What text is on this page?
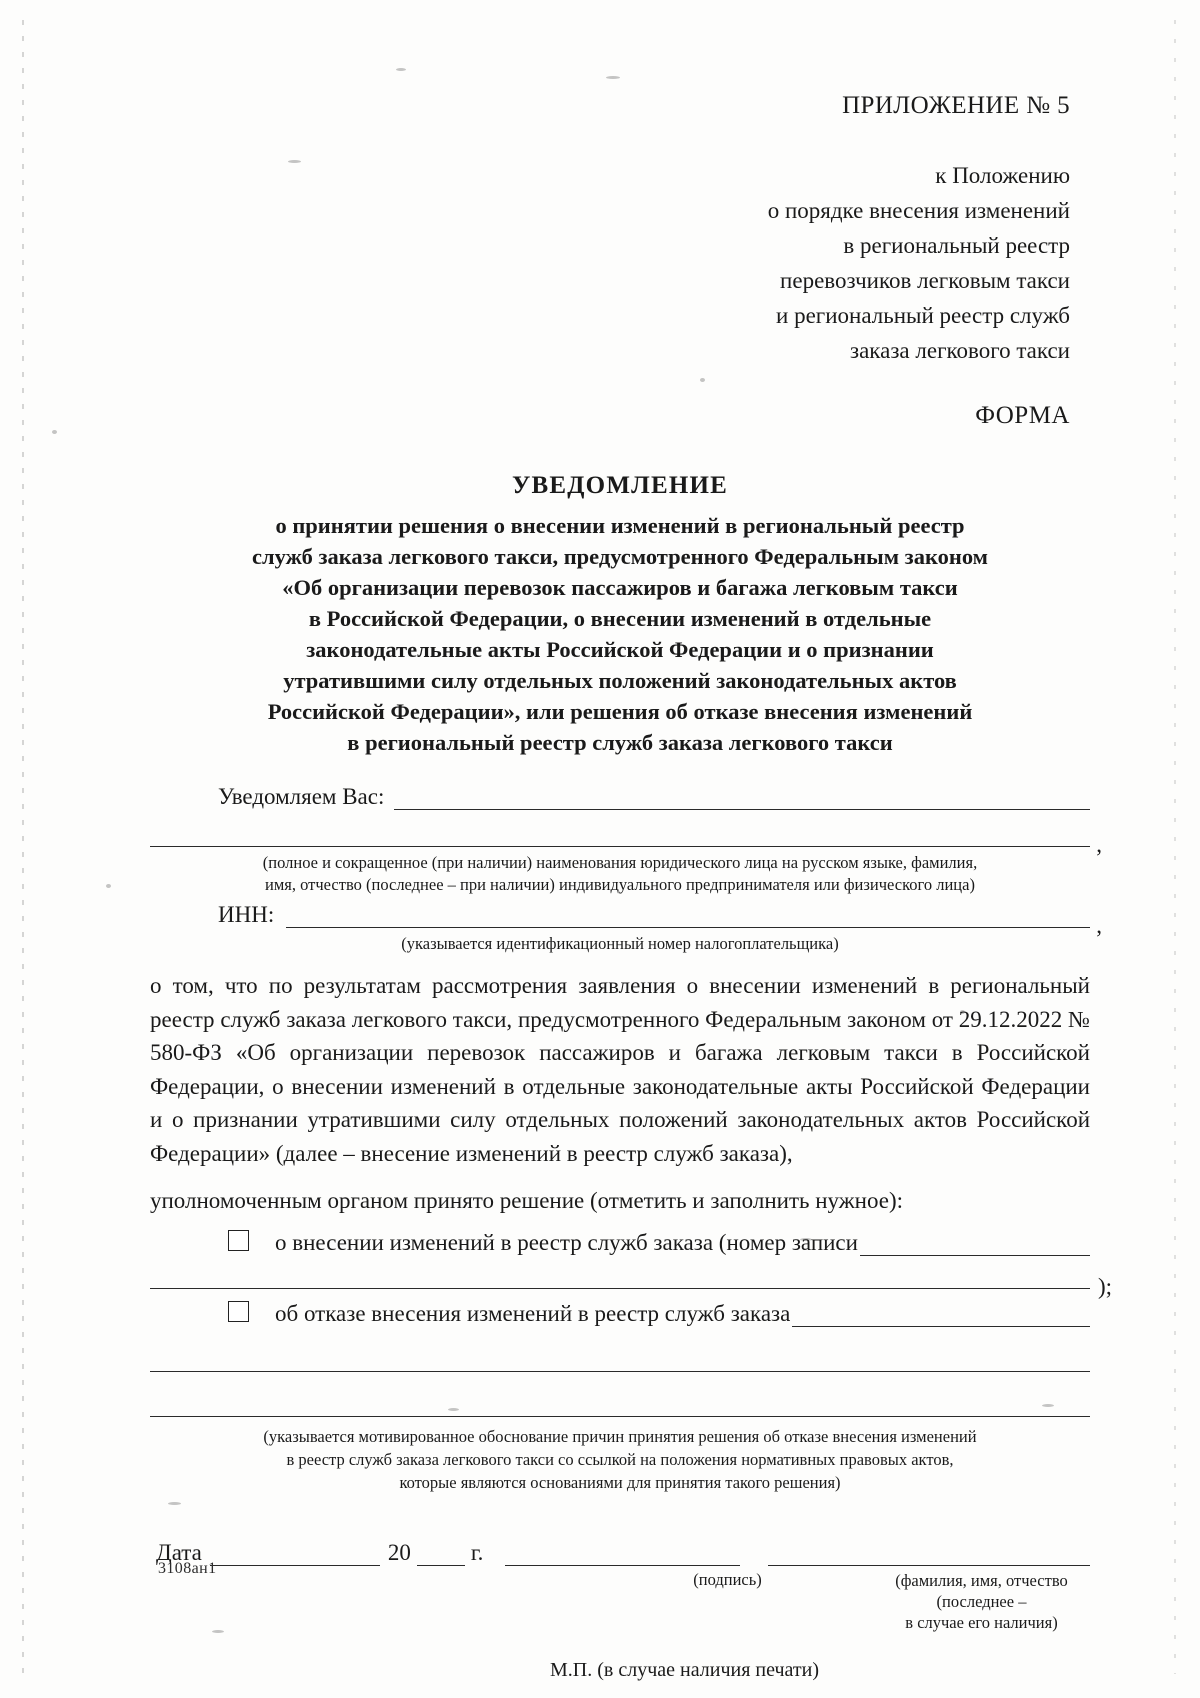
ПРИЛОЖЕНИЕ № 5
к Положению
о порядке внесения изменений
в региональный реестр
перевозчиков легковым такси
и региональный реестр служб
заказа легкового такси
ФОРМА
УВЕДОМЛЕНИЕ
о принятии решения о внесении изменений в региональный реестр
служб заказа легкового такси, предусмотренного Федеральным законом
«Об организации перевозок пассажиров и багажа легковым такси
в Российской Федерации, о внесении изменений в отдельные
законодательные акты Российской Федерации и о признании
утратившими силу отдельных положений законодательных актов
Российской Федерации», или решения об отказе внесения изменений
в региональный реестр служб заказа легкового такси
Уведомляем Вас:
,
(полное и сокращенное (при наличии) наименования юридического лица на русском языке, фамилия,
имя, отчество (последнее – при наличии) индивидуального предпринимателя или физического лица)
ИНН:	,
(указывается идентификационный номер налогоплательщика)
о том, что по результатам рассмотрения заявления о внесении изменений в региональный реестр служб заказа легкового такси, предусмотренного Федеральным законом от 29.12.2022 № 580-ФЗ «Об организации перевозок пассажиров и багажа легковым такси в Российской Федерации, о внесении изменений в отдельные законодательные акты Российской Федерации и о признании утратившими силу отдельных положений законодательных актов Российской Федерации» (далее – внесение изменений в реестр служб заказа),
уполномоченным органом принято решение (отметить и заполнить нужное):
о внесении изменений в реестр служб заказа (номер записи
);
об отказе внесения изменений в реестр служб заказа
(указывается мотивированное обоснование причин принятия решения об отказе внесения изменений
в реестр служб заказа легкового такси со ссылкой на положения нормативных правовых актов,
которые являются основаниями для принятия такого решения)
Дата	20	г.
(подпись)	(фамилия, имя, отчество (последнее –
в случае его наличия)
М.П. (в случае наличия печати)
3108ан1
